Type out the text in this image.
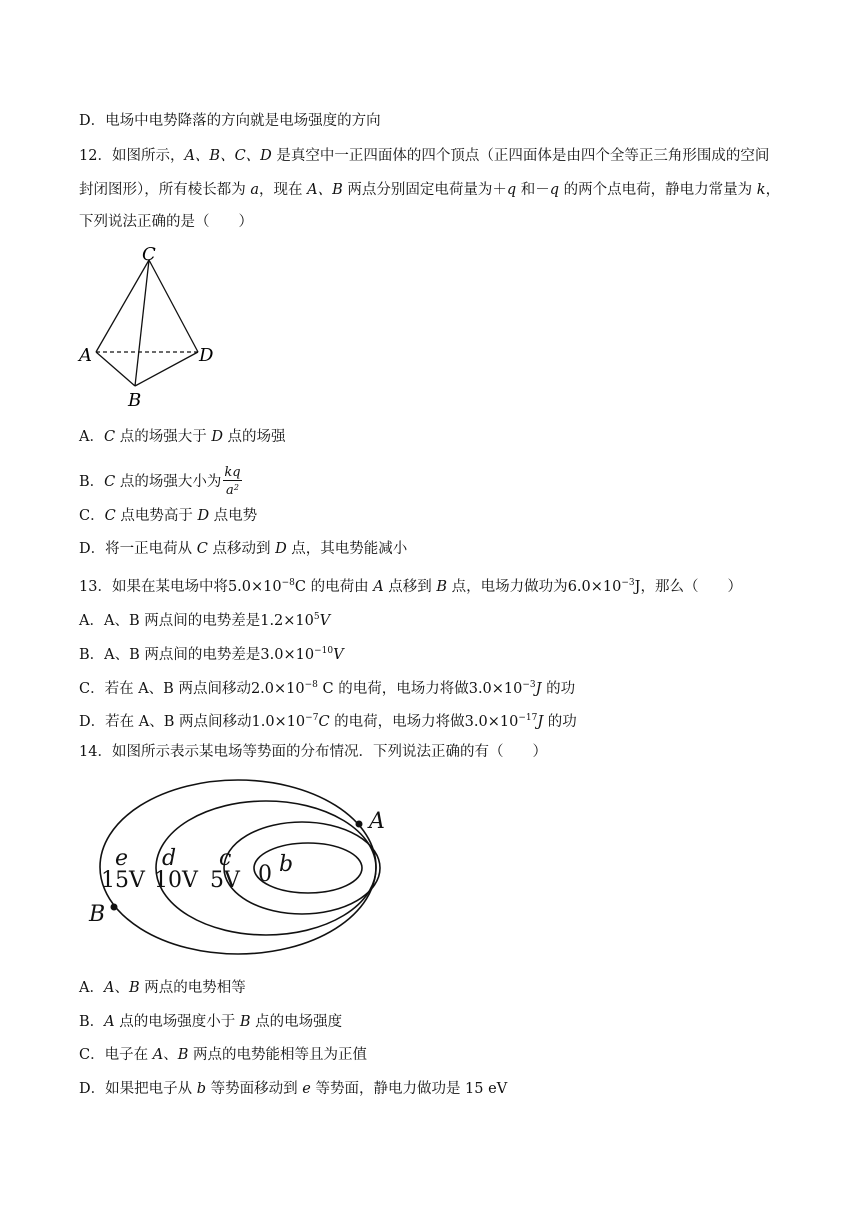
D．电场中电势降落的方向就是电场强度的方向
12．如图所示，A、B、C、D 是真空中一正四面体的四个顶点（正四面体是由四个全等正三角形围成的空间
封闭图形），所有棱长都为 a，现在 A、B 两点分别固定电荷量为＋q 和－q 的两个点电荷，静电力常量为 k，
下列说法正确的是（　　）
C
A	D
B
A．C 点的场强大于 D 点的场强
B．C 点的场强大小为 $\frac{kq}{a^2}$
C．C 点电势高于 D 点电势
D．将一正电荷从 C 点移动到 D 点，其电势能减小
13．如果在某电场中将$5.0\times 10^{-8}C$ 的电荷由 A 点移到 B 点，电场力做功为$6.0\times 10^{-3}J$，那么（　　）
A．A、B 两点间的电势差是$1.2\times 10^5V$
B．A、B 两点间的电势差是$3.0\times 10^{-10}V$
C．若在 A、B 两点间移动$2.0\times 10^{-8}$ C 的电荷，电场力将做$3.0\times 10^{-3}J$ 的功
D．若在 A、B 两点间移动$1.0\times 10^{-7}C$ 的电荷，电场力将做$3.0\times 10^{-17}J$ 的功
14．如图所示表示某电场等势面的分布情况．下列说法正确的有（　　）
e
15V
d
10V
c
5V 0 b
A
B
A．A、B 两点的电势相等
B．A 点的电场强度小于 B 点的电场强度
C．电子在 A、B 两点的电势能相等且为正值
D．如果把电子从 b 等势面移动到 e 等势面，静电力做功是 15 eV
